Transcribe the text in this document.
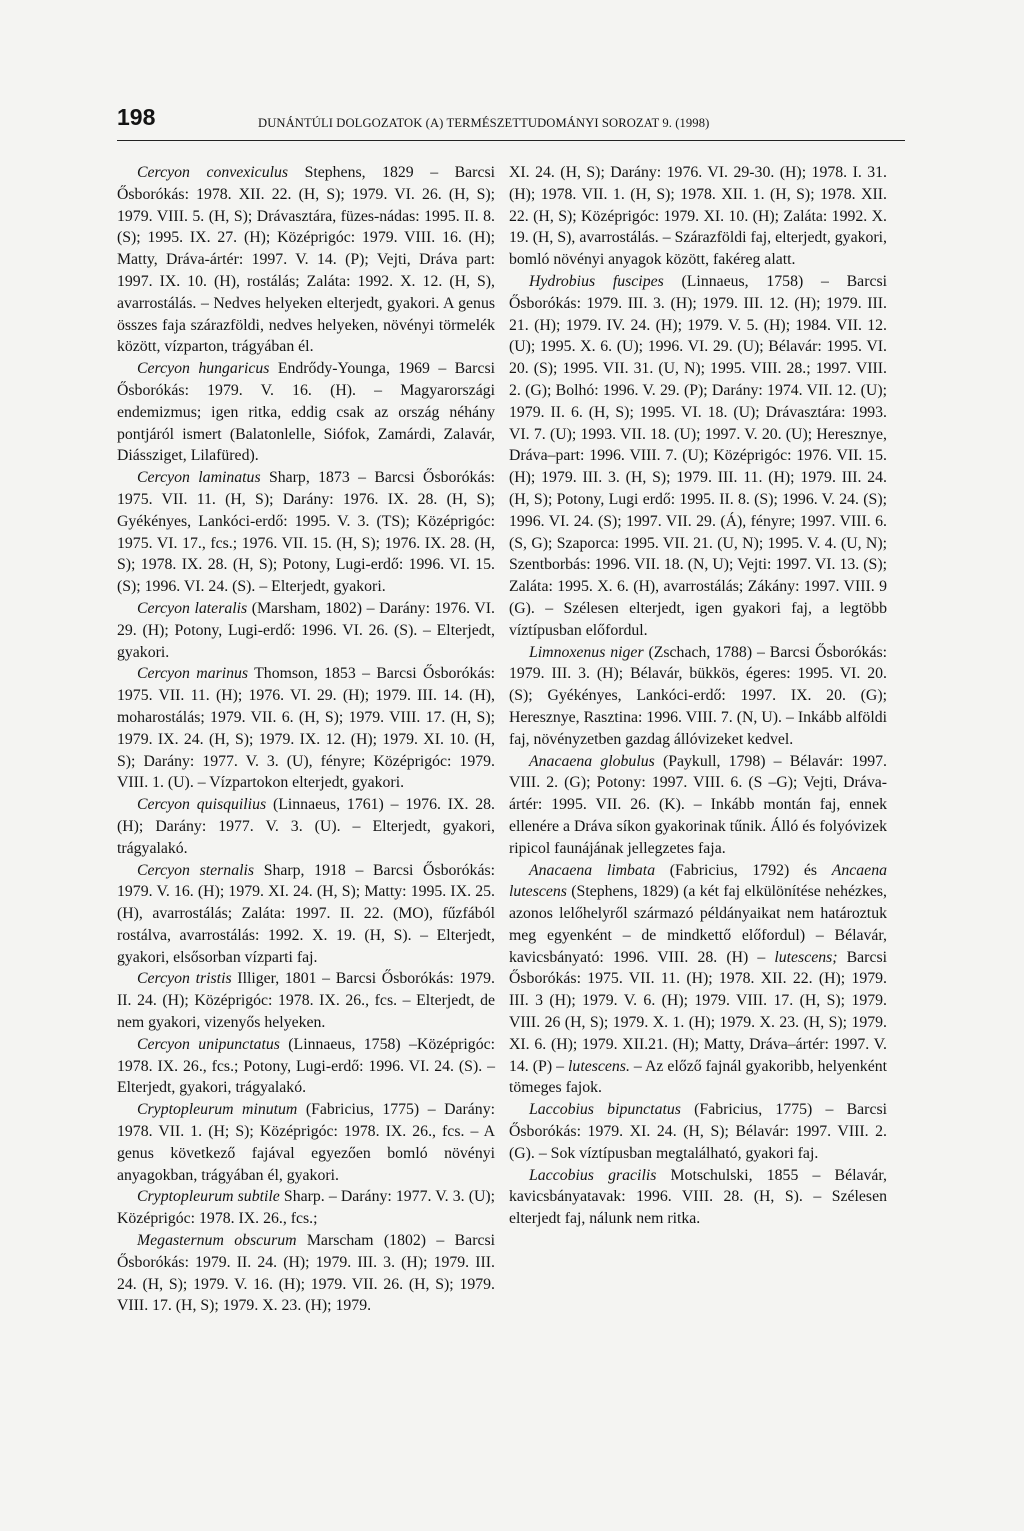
198	DUNÁNTÚLI DOLGOZATOK (A) TERMÉSZETTUDOMÁNYI SOROZAT 9. (1998)

Cercyon convexiculus Stephens, 1829 – Barcsi Ősborókás: 1978. XII. 22. (H, S); 1979. VI. 26. (H, S); 1979. VIII. 5. (H, S); Drávasztára, füzes-nádas: 1995. II. 8. (S); 1995. IX. 27. (H); Középrigóc: 1979. VIII. 16. (H); Matty, Dráva-ártér: 1997. V. 14. (P); Vejti, Dráva part: 1997. IX. 10. (H), rostálás; Zaláta: 1992. X. 12. (H, S), avarrostálás. – Nedves helyeken elterjedt, gyakori. A genus összes faja szárazföldi, nedves helyeken, növényi törmelék között, vízparton, trágyában él.

Cercyon hungaricus Endrődy-Younga, 1969 – Barcsi Ősborókás: 1979. V. 16. (H). – Magyarországi endemizmus; igen ritka, eddig csak az ország néhány pontjáról ismert (Balatonlelle, Siófok, Zamárdi, Zalavár, Diássziget, Lilafüred).

Cercyon laminatus Sharp, 1873 – Barcsi Ősborókás: 1975. VII. 11. (H, S); Darány: 1976. IX. 28. (H, S); Gyékényes, Lankóci-erdő: 1995. V. 3. (TS); Középrigóc: 1975. VI. 17., fcs.; 1976. VII. 15. (H, S); 1976. IX. 28. (H, S); 1978. IX. 28. (H, S); Potony, Lugi-erdő: 1996. VI. 15. (S); 1996. VI. 24. (S). – Elterjedt, gyakori.

Cercyon lateralis (Marsham, 1802) – Darány: 1976. VI. 29. (H); Potony, Lugi-erdő: 1996. VI. 26. (S). – Elterjedt, gyakori.

Cercyon marinus Thomson, 1853 – Barcsi Ősborókás: 1975. VII. 11. (H); 1976. VI. 29. (H); 1979. III. 14. (H), moharostálás; 1979. VII. 6. (H, S); 1979. VIII. 17. (H, S); 1979. IX. 24. (H, S); 1979. IX. 12. (H); 1979. XI. 10. (H, S); Darány: 1977. V. 3. (U), fényre; Középrigóc: 1979. VIII. 1. (U). – Vízpartokon elterjedt, gyakori.

Cercyon quisquilius (Linnaeus, 1761) – 1976. IX. 28.(H); Darány: 1977. V. 3. (U). – Elterjedt, gyakori, trágyalakó.

Cercyon sternalis Sharp, 1918 – Barcsi Ősborókás: 1979. V. 16. (H); 1979. XI. 24. (H, S); Matty: 1995. IX. 25. (H), avarrostálás; Zaláta: 1997. II. 22. (MO), fűzfából rostálva, avarrostálás: 1992. X. 19. (H, S). – Elterjedt, gyakori, elsősorban vízparti faj.

Cercyon tristis Illiger, 1801 – Barcsi Ősborókás: 1979. II. 24. (H); Középrigóc: 1978. IX. 26., fcs. – Elterjedt, de nem gyakori, vizenyős helyeken.

Cercyon unipunctatus (Linnaeus, 1758) –Középrigóc: 1978. IX. 26., fcs.; Potony, Lugi-erdő: 1996. VI. 24. (S). – Elterjedt, gyakori, trágyalakó.

Cryptopleurum minutum (Fabricius, 1775) – Darány: 1978. VII. 1. (H; S); Középrigóc: 1978. IX. 26., fcs. – A genus következő fajával egyezően bomló növényi anyagokban, trágyában él, gyakori.

Cryptopleurum subtile Sharp. – Darány: 1977. V. 3. (U); Középrigóc: 1978. IX. 26., fcs.;

Megasternum obscurum Marscham (1802) – Barcsi Ősborókás: 1979. II. 24. (H); 1979. III. 3. (H); 1979. III. 24. (H, S); 1979. V. 16. (H); 1979. VII. 26. (H, S); 1979. VIII. 17. (H, S); 1979. X. 23. (H); 1979.

XI. 24. (H, S); Darány: 1976. VI. 29-30. (H); 1978. I. 31. (H); 1978. VII. 1. (H, S); 1978. XII. 1. (H, S); 1978. XII. 22. (H, S); Középrigóc: 1979. XI. 10. (H); Zaláta: 1992. X. 19. (H, S), avarrostálás. – Szárazföldi faj, elterjedt, gyakori, bomló növényi anyagok között, fakéreg alatt.

Hydrobius fuscipes (Linnaeus, 1758) – Barcsi Ősborókás: 1979. III. 3. (H); 1979. III. 12. (H); 1979. III. 21. (H); 1979. IV. 24. (H); 1979. V. 5. (H); 1984. VII. 12. (U); 1995. X. 6. (U); 1996. VI. 29. (U); Bélavár: 1995. VI. 20. (S); 1995. VII. 31. (U, N); 1995. VIII. 28.; 1997. VIII. 2. (G); Bolhó: 1996. V. 29. (P); Darány: 1974. VII. 12. (U); 1979. II. 6. (H, S); 1995. VI. 18. (U); Drávasztára: 1993. VI. 7. (U); 1993. VII. 18. (U); 1997. V. 20. (U); Heresznye, Dráva–part: 1996. VIII. 7. (U); Középrigóc: 1976. VII. 15. (H); 1979. III. 3. (H, S); 1979. III. 11. (H); 1979. III. 24. (H, S); Potony, Lugi erdő: 1995. II. 8. (S); 1996. V. 24. (S); 1996. VI. 24. (S); 1997. VII. 29. (Á), fényre; 1997. VIII. 6. (S, G); Szaporca: 1995. VII. 21. (U, N); 1995. V. 4. (U, N); Szentborbás: 1996. VII. 18. (N, U); Vejti: 1997. VI. 13. (S); Zaláta: 1995. X. 6. (H), avarrostálás; Zákány: 1997. VIII. 9 (G). – Szélesen elterjedt, igen gyakori faj, a legtöbb víztípusban előfordul.

Limnoxenus niger (Zschach, 1788) – Barcsi Ősborókás: 1979. III. 3. (H); Bélavár, bükkös, égeres: 1995. VI. 20. (S); Gyékényes, Lankóci-erdő: 1997. IX. 20. (G); Heresznye, Rasztina: 1996. VIII. 7. (N, U). – Inkább alföldi faj, növényzetben gazdag állóvizeket kedvel.

Anacaena globulus (Paykull, 1798) – Bélavár: 1997. VIII. 2. (G); Potony: 1997. VIII. 6. (S –G); Vejti, Dráva-ártér: 1995. VII. 26. (K). – Inkább montán faj, ennek ellenére a Dráva síkon gyakorinak tűnik. Álló és folyóvizek ripicol faunájának jellegzetes faja.

Anacaena limbata (Fabricius, 1792) és Ancaena lutescens (Stephens, 1829) (a két faj elkülönítése nehézkes, azonos lelőhelyről származó példányaikat nem határoztuk meg egyenként – de mindkettő előfordul) – Bélavár, kavicsbányató: 1996. VIII. 28. (H) – lutescens; Barcsi Ősborókás: 1975. VII. 11. (H); 1978. XII. 22. (H); 1979. III. 3 (H); 1979. V. 6. (H); 1979. VIII. 17. (H, S); 1979. VIII. 26 (H, S); 1979. X. 1. (H); 1979. X. 23. (H, S); 1979. XI. 6. (H); 1979. XII.21. (H); Matty, Dráva–ártér: 1997. V. 14. (P) – lutescens. – Az előző fajnál gyakoribb, helyenként tömeges fajok.

Laccobius bipunctatus (Fabricius, 1775) – Barcsi Ősborókás: 1979. XI. 24. (H, S); Bélavár: 1997. VIII. 2. (G). – Sok víztípusban megtalálható, gyakori faj.

Laccobius gracilis Motschulski, 1855 – Bélavár, kavicsbányatavak: 1996. VIII. 28. (H, S). – Szélesen elterjedt faj, nálunk nem ritka.
